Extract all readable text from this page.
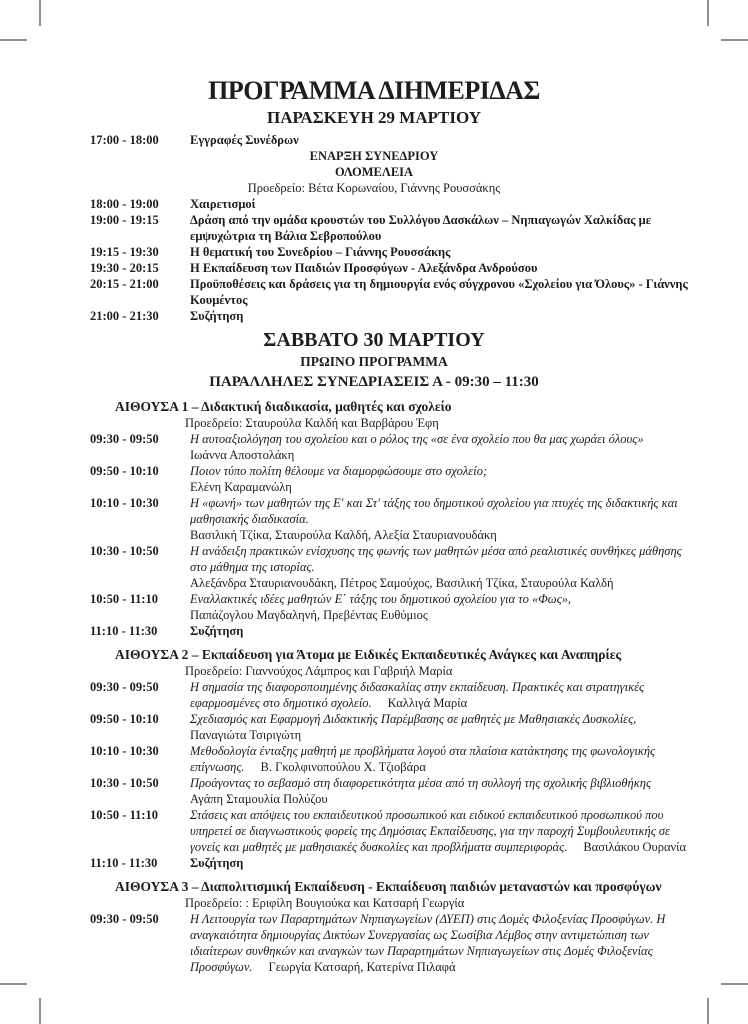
ΠΡΟΓΡΑΜΜΑ ΔΙΗΜΕΡΙΔΑΣ
ΠΑΡΑΣΚΕΥΗ 29 ΜΑΡΤΙΟΥ
17:00 - 18:00	Εγγραφές Συνέδρων
ΕΝΑΡΞΗ ΣΥΝΕΔΡΙΟΥ
ΟΛΟΜΕΛΕΙΑ
Προεδρείο: Βέτα Κορωναίου, Γιάννης Ρουσσάκης
18:00 - 19:00	Χαιρετισμοί
19:00 - 19:15	Δράση από την ομάδα κρουστών του Συλλόγου Δασκάλων – Νηπιαγωγών Χαλκίδας με εμψυχώτρια τη Βάλια Σεβροπούλου
19:15 - 19:30	Η θεματική του Συνεδρίου – Γιάννης Ρουσσάκης
19:30 - 20:15	Η Εκπαίδευση των Παιδιών Προσφύγων - Αλεξάνδρα Ανδρούσου
20:15 - 21:00	Προϋποθέσεις και δράσεις για τη δημιουργία ενός σύγχρονου «Σχολείου για Όλους» - Γιάννης Κουμέντος
21:00 - 21:30	Συζήτηση
ΣΑΒΒΑΤΟ 30 ΜΑΡΤΙΟΥ
ΠΡΩΙΝΟ ΠΡΟΓΡΑΜΜΑ
ΠΑΡΑΛΛΗΛΕΣ ΣΥΝΕΔΡΙΑΣΕΙΣ Α - 09:30 – 11:30
ΑΙΘΟΥΣΑ 1 – Διδακτική διαδικασία, μαθητές και σχολείο
Προεδρείο: Σταυρούλα Καλδή και Βαρβάρου Έφη
09:30 - 09:50	Η αυτοαξιολόγηση του σχολείου και ο ρόλος της «σε ένα σχολείο που θα μας χωράει όλους»
Ιωάννα Αποστολάκη
09:50 - 10:10	Ποιον τύπο πολίτη θέλουμε να διαμορφώσουμε στο σχολείο;
Ελένη Καραμανώλη
10:10 - 10:30	Η «φωνή» των μαθητών της Ε' και Στ' τάξης του δημοτικού σχολείου για πτυχές της διδακτικής και μαθησιακής διαδικασία.
Βασιλική Τζίκα, Σταυρούλα Καλδή, Αλεξία Σταυριανουδάκη
10:30 - 10:50	Η ανάδειξη πρακτικών ενίσχυσης της φωνής των μαθητών μέσα από ρεαλιστικές συνθήκες μάθησης στο μάθημα της ιστορίας.
Αλεξάνδρα Σταυριανουδάκη, Πέτρος Σαμούχος, Βασιλική Τζίκα, Σταυρούλα Καλδή
10:50 - 11:10	Εναλλακτικές ιδέες μαθητών Ε΄ τάξης του δημοτικού σχολείου για το «Φως»,
Παπάζογλου Μαγδαληνή, Πρεβέντας Ευθύμιος
11:10 - 11:30	Συζήτηση
ΑΙΘΟΥΣΑ 2 – Εκπαίδευση για Άτομα με Ειδικές Εκπαιδευτικές Ανάγκες και Αναπηρίες
Προεδρείο: Γιαννούχος Λάμπρος και Γαβριήλ Μαρία
09:30 - 09:50	Η σημασία της διαφοροποιημένης διδασκαλίας στην εκπαίδευση. Πρακτικές και στρατηγικές εφαρμοσμένες στο δημοτικό σχολείο. Καλλιγά Μαρία
09:50 - 10:10	Σχεδιασμός και Εφαρμογή Διδακτικής Παρέμβασης σε μαθητές με Μαθησιακές Δυσκολίες,
Παναγιώτα Τσιριγώτη
10:10 - 10:30	Μεθοδολογία ένταξης μαθητή με προβλήματα λογού στα πλαίσια κατάκτησης της φωνολογικής επίγνωσης. Β. Γκολφινοπούλου Χ. Τζιοβάρα
10:30 - 10:50	Προάγοντας το σεβασμό στη διαφορετικότητα μέσα από τη συλλογή της σχολικής βιβλιοθήκης
Αγάπη Σταμουλία Πολύζου
10:50 - 11:10	Στάσεις και απόψεις του εκπαιδευτικού προσωπικού και ειδικού εκπαιδευτικού προσωπικού που υπηρετεί σε διαγνωστικούς φορείς της Δημόσιας Εκπαίδευσης, για την παροχή Συμβουλευτικής σε γονείς και μαθητές με μαθησιακές δυσκολίες και προβλήματα συμπεριφοράς. Βασιλάκου Ουρανία
11:10 - 11:30	Συζήτηση
ΑΙΘΟΥΣΑ 3 – Διαπολιτισμική Εκπαίδευση - Εκπαίδευση παιδιών μεταναστών και προσφύγων
Προεδρείο: : Εριφίλη Βουγιούκα και Κατσαρή Γεωργία
09:30 - 09:50	Η Λειτουργία των Παραρτημάτων Νηπιαγωγείων (ΔΥΕΠ) στις Δομές Φιλοξενίας Προσφύγων. Η αναγκαιότητα δημιουργίας Δικτύων Συνεργασίας ως Σωσίβια Λέμβος στην αντιμετώπιση των ιδιαίτερων συνθηκών και αναγκών των Παραρτημάτων Νηπιαγωγείων στις Δομές Φιλοξενίας Προσφύγων. Γεωργία Κατσαρή, Κατερίνα Πιλαφά
